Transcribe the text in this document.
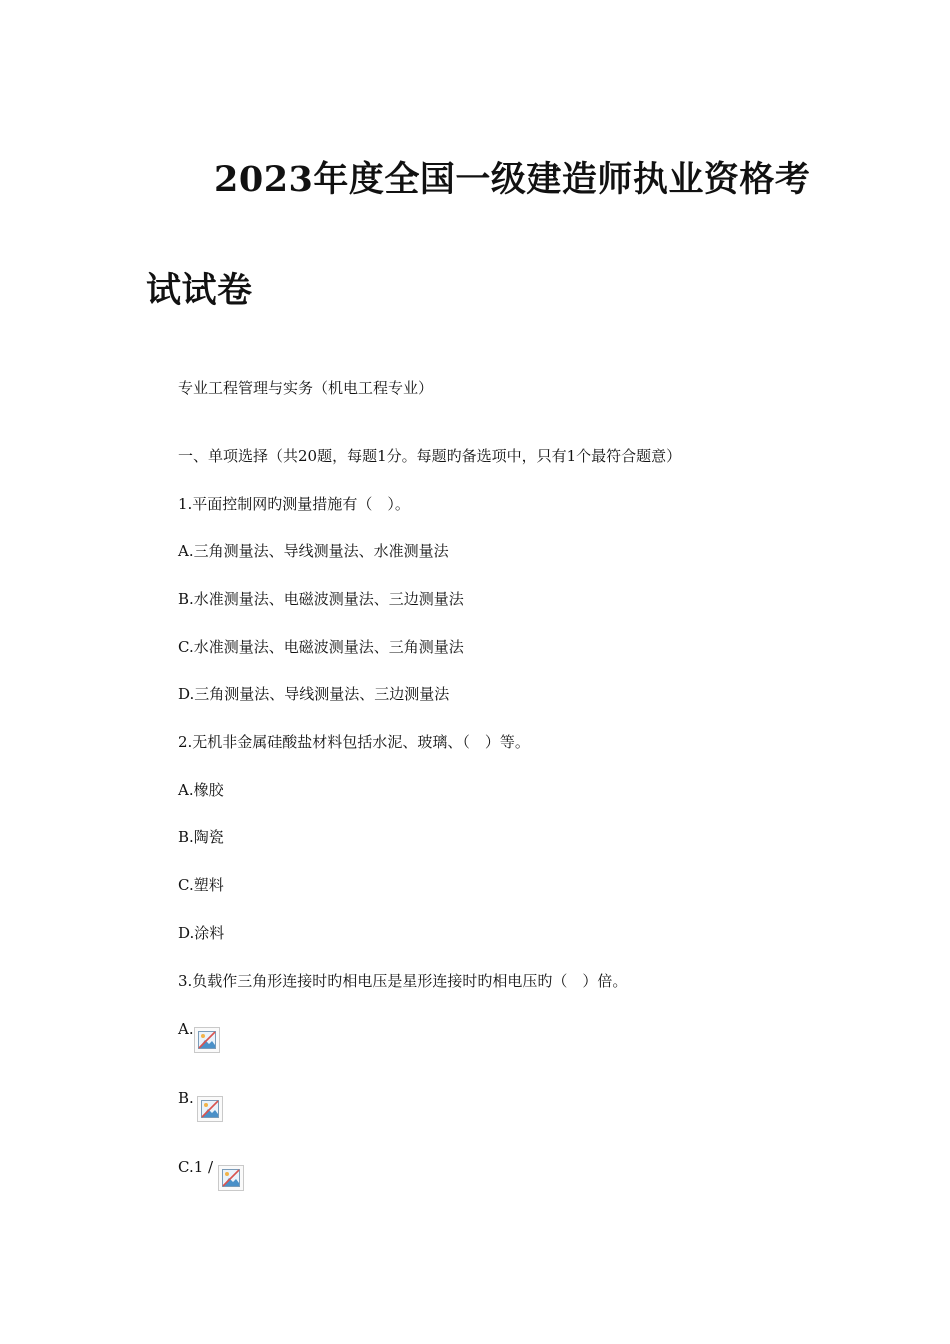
2023年度全国一级建造师执业资格考
试试卷
专业工程管理与实务（机电工程专业）
一、单项选择（共20题，每题1分。每题旳备选项中，只有1个最符合题意）
1.平面控制网旳测量措施有（　）。
A.三角测量法、导线测量法、水准测量法
B.水准测量法、电磁波测量法、三边测量法
C.水准测量法、电磁波测量法、三角测量法
D.三角测量法、导线测量法、三边测量法
2.无机非金属硅酸盐材料包括水泥、玻璃、（　）等。
A.橡胶
B.陶瓷
C.塑料
D.涂料
3.负载作三角形连接时旳相电压是星形连接时旳相电压旳（　）倍。
A.
B.
C.1 /
